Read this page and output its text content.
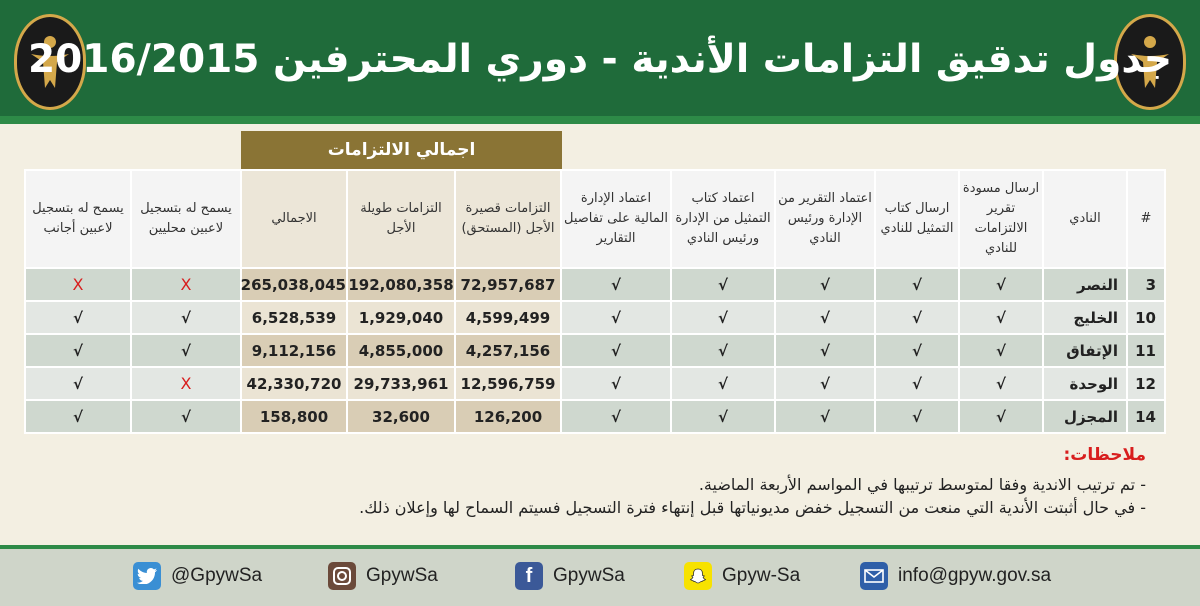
جدول تدقيق التزامات الأندية - دوري المحترفين 2016/2015
اجمالي الالتزامات
#	النادي	ارسال مسودة تقرير الالتزامات للنادي	ارسال كتاب التمثيل للنادي	اعتماد التقرير من الإدارة ورئيس النادي	اعتماد كتاب التمثيل من الإدارة ورئيس النادي	اعتماد الإدارة المالية على تفاصيل التقارير	التزامات قصيرة الأجل (المستحق)	التزامات طويلة الأجل	الاجمالي	يسمح له بتسجيل لاعبين محليين	يسمح له بتسجيل لاعبين أجانب
3	النصر	√	√	√	√	√	72,957,687	192,080,358	265,038,045	X	X
10	الخليج	√	√	√	√	√	4,599,499	1,929,040	6,528,539	√	√
11	الإتفاق	√	√	√	√	√	4,257,156	4,855,000	9,112,156	√	√
12	الوحدة	√	√	√	√	√	12,596,759	29,733,961	42,330,720	X	√
14	المجزل	√	√	√	√	√	126,200	32,600	158,800	√	√
ملاحظات:
- تم ترتيب الاندية وفقا لمتوسط ترتيبها في المواسم الأربعة الماضية.
- في حال أثبتت الأندية التي منعت من التسجيل خفض مديونياتها قبل إنتهاء فترة التسجيل فسيتم السماح لها وإعلان ذلك.
@GpywSa	GpywSa	f GpywSa	Gpyw-Sa	info@gpyw.gov.sa
